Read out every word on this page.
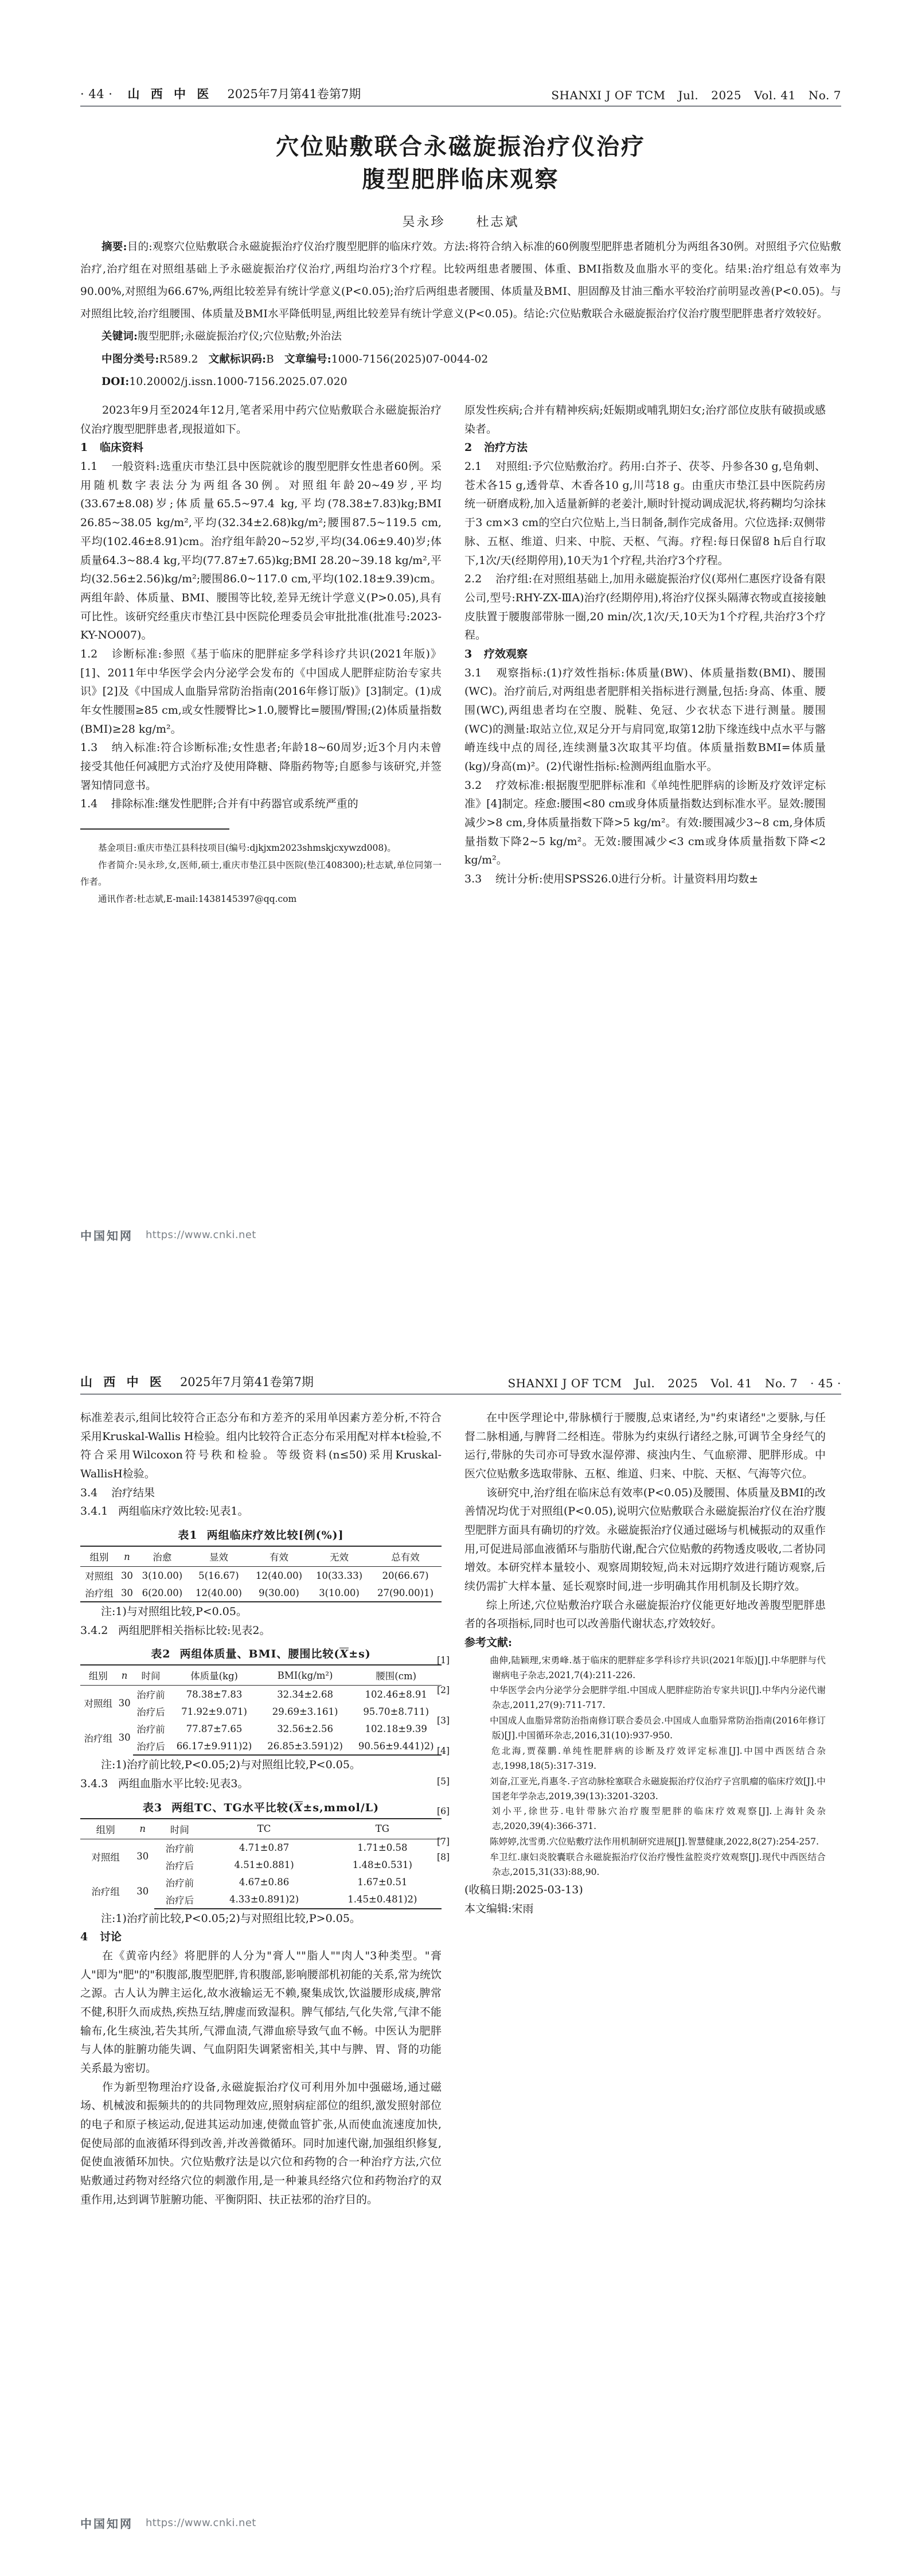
· 44 · 山 西 中 医 2025年7月第41卷第7期	SHANXI J OF TCM Jul. 2025 Vol. 41 No. 7
穴位贴敷联合永磁旋振治疗仪治疗
腹型肥胖临床观察
吴永珍 杜志斌

摘要:目的:观察穴位贴敷联合永磁旋振治疗仪治疗腹型肥胖的临床疗效。方法:将符合纳入标准的60例腹型肥胖患者随机分为两组各30例。对照组予穴位贴敷治疗,治疗组在对照组基础上予永磁旋振治疗仪治疗,两组均治疗3个疗程。比较两组患者腰围、体重、BMI指数及血脂水平的变化。结果:治疗组总有效率为90.00%,对照组为66.67%,两组比较差异有统计学意义(P<0.05);治疗后两组患者腰围、体质量及BMI、胆固醇及甘油三酯水平较治疗前明显改善(P<0.05)。与对照组比较,治疗组腰围、体质量及BMI水平降低明显,两组比较差异有统计学意义(P<0.05)。结论:穴位贴敷联合永磁旋振治疗仪治疗腹型肥胖患者疗效较好。

关键词:腹型肥胖;永磁旋振治疗仪;穴位贴敷;外治法

中图分类号:R589.2 文献标识码:B 文章编号:1000-7156(2025)07-0044-02

DOI:10.20002/j.issn.1000-7156.2025.07.020

2023年9月至2024年12月,笔者采用中药穴位贴敷联合永磁旋振治疗仪治疗腹型肥胖患者,现报道如下。

1 临床资料

1.1 一般资料:选重庆市垫江县中医院就诊的腹型肥胖女性患者60例。采用随机数字表法分为两组各30例。对照组年龄20~49岁,平均(33.67±8.08)岁;体质量65.5~97.4 kg,平均(78.38±7.83)kg;BMI 26.85~38.05 kg/m²,平均(32.34±2.68)kg/m²;腰围87.5~119.5 cm,平均(102.46±8.91)cm。治疗组年龄20~52岁,平均(34.06±9.40)岁;体质量64.3~88.4 kg,平均(77.87±7.65)kg;BMI 28.20~39.18 kg/m²,平均(32.56±2.56)kg/m²;腰围86.0~117.0 cm,平均(102.18±9.39)cm。两组年龄、体质量、BMI、腰围等比较,差异无统计学意义(P>0.05),具有可比性。该研究经重庆市垫江县中医院伦理委员会审批批准(批准号:2023-KY-NO007)。

1.2 诊断标准:参照《基于临床的肥胖症多学科诊疗共识(2021年版)》[1]、2011年中华医学会内分泌学会发布的《中国成人肥胖症防治专家共识》[2]及《中国成人血脂异常防治指南(2016年修订版)》[3]制定。(1)成年女性腰围≥85 cm,或女性腰臀比>1.0,腰臀比=腰围/臀围;(2)体质量指数(BMI)≥28 kg/m²。

1.3 纳入标准:符合诊断标准;女性患者;年龄18~60周岁;近3个月内未曾接受其他任何减肥方式治疗及使用降糖、降脂药物等;自愿参与该研究,并签署知情同意书。

1.4 排除标准:继发性肥胖;合并有中药器官或系统严重的

基金项目:重庆市垫江县科技项目(编号:djkjxm2023shmskjcxywzd008)。

作者简介:吴永珍,女,医师,硕士,重庆市垫江县中医院(垫江408300);杜志斌,单位同第一作者。

通讯作者:杜志斌,E-mail:1438145397@qq.com

原发性疾病;合并有精神疾病;妊娠期或哺乳期妇女;治疗部位皮肤有破损或感染者。

2 治疗方法

2.1 对照组:予穴位贴敷治疗。药用:白芥子、茯苓、丹参各30 g,皂角刺、苍术各15 g,透骨草、木香各10 g,川芎18 g。由重庆市垫江县中医院药房统一研磨成粉,加入适量新鲜的老姜汁,顺时针搅动调成泥状,将药糊均匀涂抹于3 cm×3 cm的空白穴位贴上,当日制备,制作完成备用。穴位选择:双侧带脉、五枢、维道、归来、中脘、天枢、气海。疗程:每日保留8 h后自行取下,1次/天(经期停用),10天为1个疗程,共治疗3个疗程。

2.2 治疗组:在对照组基础上,加用永磁旋振治疗仪(郑州仁惠医疗设备有限公司,型号:RHY-ZX-ⅢA)治疗(经期停用),将治疗仪探头隔薄衣物或直接接触皮肤置于腰腹部带脉一圈,20 min/次,1次/天,10天为1个疗程,共治疗3个疗程。

3 疗效观察

3.1 观察指标:(1)疗效性指标:体质量(BW)、体质量指数(BMI)、腰围(WC)。治疗前后,对两组患者肥胖相关指标进行测量,包括:身高、体重、腰围(WC),两组患者均在空腹、脱鞋、免冠、少衣状态下进行测量。腰围(WC)的测量:取站立位,双足分开与肩同宽,取第12肋下缘连线中点水平与髂嵴连线中点的周径,连续测量3次取其平均值。体质量指数BMI=体质量(kg)/身高(m)²。(2)代谢性指标:检测两组血脂水平。

3.2 疗效标准:根据腹型肥胖标准和《单纯性肥胖病的诊断及疗效评定标准》[4]制定。痊愈:腰围<80 cm或身体质量指数达到标准水平。显效:腰围减少>8 cm,身体质量指数下降>5 kg/m²。有效:腰围减少3~8 cm,身体质量指数下降2~5 kg/m²。无效:腰围减少<3 cm或身体质量指数下降<2 kg/m²。

3.3 统计分析:使用SPSS26.0进行分析。计量资料用均数±

中国知网 https://www.cnki.net
山 西 中 医 2025年7月第41卷第7期	SHANXI J OF TCM Jul. 2025 Vol. 41 No. 7 · 45 ·

标准差表示,组间比较符合正态分布和方差齐的采用单因素方差分析,不符合采用Kruskal-Wallis H检验。组内比较符合正态分布采用配对样本t检验,不符合采用Wilcoxon符号秩和检验。等级资料(n≤50)采用Kruskal-WallisH检验。

3.4 治疗结果

3.4.1 两组临床疗效比较:见表1。

表1 两组临床疗效比较[例(%)]
组别	n	治愈	显效	有效	无效	总有效
对照组	30	3(10.00)	5(16.67)	12(40.00)	10(33.33)	20(66.67)
治疗组	30	6(20.00)	12(40.00)	9(30.00)	3(10.00)	27(90.00)1)

注:1)与对照组比较,P<0.05。

3.4.2 两组肥胖相关指标比较:见表2。

表2 两组体质量、BMI、腰围比较(X±s)
组别	n	时间	体质量(kg)	BMI(kg/m²)	腰围(cm)
对照组	30	治疗前	78.38±7.83	32.34±2.68	102.46±8.91
		治疗后	71.92±9.071)	29.69±3.161)	95.70±8.711)
治疗组	30	治疗前	77.87±7.65	32.56±2.56	102.18±9.39
		治疗后	66.17±9.911)2)	26.85±3.591)2)	90.56±9.441)2)

注:1)治疗前比较,P<0.05;2)与对照组比较,P<0.05。

3.4.3 两组血脂水平比较:见表3。

表3 两组TC、TG水平比较(X±s,mmol/L)
组别	n	时间	TC	TG
对照组	30	治疗前	4.71±0.87	1.71±0.58
		治疗后	4.51±0.881)	1.48±0.531)
治疗组	30	治疗前	4.67±0.86	1.67±0.51
		治疗后	4.33±0.891)2)	1.45±0.481)2)

注:1)治疗前比较,P<0.05;2)与对照组比较,P>0.05。

4 讨论

在《黄帝内经》将肥胖的人分为"膏人""脂人""肉人"3种类型。"膏人"即为"肥"的"积腹部,腹型肥胖,肯积腹部,影响腰部机初能的关系,常为统饮之源。古人认为脾主运化,故水液输运无不赖,聚集成饮,饮溢腰形成痰,脾常不健,积肝久而成热,疾热互结,脾虚而致湿积。脾气郁结,气化失常,气津不能输布,化生痰浊,若失其所,气滞血渍,气滞血瘀导致气血不畅。中医认为肥胖与人体的脏腑功能失调、气血阴阳失调紧密相关,其中与脾、胃、肾的功能关系最为密切。

作为新型物理治疗设备,永磁旋振治疗仪可利用外加中强磁场,通过磁场、机械波和振频共的的共同物理效应,照射病症部位的组织,激发照射部位的电子和原子核运动,促进其运动加速,使微血管扩张,从而使血流速度加快,促使局部的血液循环得到改善,并改善微循环。同时加速代谢,加强组织修复,促使血液循环加快。穴位贴敷疗法是以穴位和药物的合一种治疗方法,穴位贴敷通过药物对经络穴位的刺激作用,是一种兼具经络穴位和药物治疗的双重作用,达到调节脏腑功能、平衡阴阳、扶正祛邪的治疗目的。

在中医学理论中,带脉横行于腰腹,总束诸经,为"约束诸经"之要脉,与任督二脉相通,与脾肾二经相连。带脉为约束纵行诸经之脉,可调节全身经气的运行,带脉的失司亦可导致水湿停滞、痰浊内生、气血瘀滞、肥胖形成。中医穴位贴敷多选取带脉、五枢、维道、归来、中脘、天枢、气海等穴位。

该研究中,治疗组在临床总有效率(P<0.05)及腰围、体质量及BMI的改善情况均优于对照组(P<0.05),说明穴位贴敷联合永磁旋振治疗仪在治疗腹型肥胖方面具有确切的疗效。永磁旋振治疗仪通过磁场与机械振动的双重作用,可促进局部血液循环与脂肪代谢,配合穴位贴敷的药物透皮吸收,二者协同增效。本研究样本量较小、观察周期较短,尚未对远期疗效进行随访观察,后续仍需扩大样本量、延长观察时间,进一步明确其作用机制及长期疗效。

综上所述,穴位贴敷治疗联合永磁旋振治疗仪能更好地改善腹型肥胖患者的各项指标,同时也可以改善脂代谢状态,疗效较好。

参考文献:

[1]	曲伸,陆颖理,宋勇峰.基于临床的肥胖症多学科诊疗共识(2021年版)[J].中华肥胖与代谢病电子杂志,2021,7(4):211-226.

[2]	中华医学会内分泌学分会肥胖学组.中国成人肥胖症防治专家共识[J].中华内分泌代谢杂志,2011,27(9):711-717.

[3]	中国成人血脂异常防治指南修订联合委员会.中国成人血脂异常防治指南(2016年修订版)[J].中国循环杂志,2016,31(10):937-950.

[4]	危北海,贾葆鹏.单纯性肥胖病的诊断及疗效评定标准[J].中国中西医结合杂志,1998,18(5):317-319.

[5]	刘奋,江亚光,肖惠冬.子宫动脉栓塞联合永磁旋振治疗仪治疗子宫肌瘤的临床疗效[J].中国老年学杂志,2019,39(13):3201-3203.

[6]	刘小平,徐世芬.电针带脉穴治疗腹型肥胖的临床疗效观察[J].上海针灸杂志,2020,39(4):366-371.

[7]	陈婷婷,沈雪勇.穴位贴敷疗法作用机制研究进展[J].智慧健康,2022,8(27):254-257.

[8]	牟卫红.康妇炎胶囊联合永磁旋振治疗仪治疗慢性盆腔炎疗效观察[J].现代中西医结合杂志,2015,31(33):88,90.

(收稿日期:2025-03-13)

本文编辑:宋雨

中国知网 https://www.cnki.net
